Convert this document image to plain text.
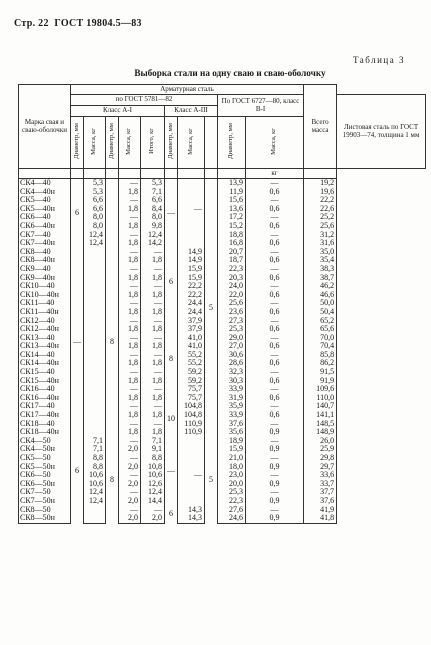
Стр. 22 ГОСТ 19804.5—83
Таблица 3
Выборка стали на одну сваю и сваю-оболочку
Марка свая и сваю-оболочки	Арматурная сталь										Всего масса	
	по ГОСТ 5781—82								По ГОСТ 6727—80, класс В-I			Листовая сталь по ГОСТ 19903—74, толщина 1 мм
	Класс А-I					Класс А-III						
	Диаметр, мм	Масса, кг	Диаметр, мм	Масса, кг	Итого, кг	Диаметр, мм	Масса, кг		Диаметр, мм	Масса, кг		
										кг		
СК4—40	6	5,3		—	5,3	—		5	13,9	—	19,2	
СК4—40н		5,3		1,8	7,1				11,9	0,6	19,6	
СК5—40		6,6		—	6,6				15,6	—	22,2	
СК5—40н		6,6		1,8	8,4		—		13,6	0,6	22,6	
СК6—40		8,0		—	8,0				17,2	—	25,2	
СК6—40н		8,0		1,8	9,8				15,2	0,6	25,6	
СК7—40		12,4		—	12,4				18,8	—	31,2	
СК7—40н		12,4		1,8	14,2				16,8	0,6	31,6	
СК8—40	—		8	—	—	6	14,9		20,7	—	35,0	
СК8—40н				1,8	1,8		14,9		18,7	0,6	35,4	
СК9—40				—	—		15,9		22,3	—	38,3	
СК9—40н				1,8	1,8		15,9		20,3	0,6	38,7	
СК10—40				—	—		22,2		24,0	—	46,2	
СК10—40н				1,8	1,8		22,2		22,0	0,6	46,6	
СК11—40				—	—		24,4		25,6	—	50,0	
СК11—40н				1,8	1,8		24,4		23,6	0,6	50,4	
СК12—40				—	—	8	37,9		27,3	—	65,2	
СК12—40н				1,8	1,8		37,9		25,3	0,6	65,6	
СК13—40				—	—		41,0		29,0	—	70,0	
СК13—40н				1,8	1,8		41,0		27,0	0,6	70,4	
СК14—40				—	—		55,2		30,6	—	85,8	
СК14—40н				1,8	1,8		55,2		28,6	0,6	86,2	
СК15—40				—	—		59,2		32,3	—	91,5	
СК15—40н				1,8	1,8		59,2		30,3	0,6	91,9	
СК16—40				—	—		75,7		33,9	—	109,6	
СК16—40н				1,8	1,8		75,7		31,9	0,6	110,0	
СК17—40				—	—	10	104,8		35,9	—	140,7	
СК17—40н				1,8	1,8		104,8		33,9	0,6	141,1	
СК18—40				—	—		110,9		37,6	—	148,5	
СК18—40н				1,8	1,8		110,9		35,6	0,9	148,9	
СК4—50	6	7,1	8	—	7,1	—		5	18,9	—	26,0	
СК4—50н		7,1		2,0	9,1				15,9	0,9	25,9	
СК5—50		8,8		—	8,8				21,0	—	29,8	
СК5—50н		8,8		2,0	10,8				18,0	0,9	29,7	
СК6—50		10,6		—	10,6		—		23,0	—	33,6	
СК6—50н		10,6		2,0	12,6				20,0	0,9	33,7	
СК7—50		12,4		—	12,4				25,3	—	37,7	
СК7—50н		12,4		2,0	14,4				22,3	0,9	37,6	
СК8—50				—	—	6	14,3		27,6	—	41,9	
СК8—50н				2,0	2,0		14,3		24,6	0,9	41,8	
